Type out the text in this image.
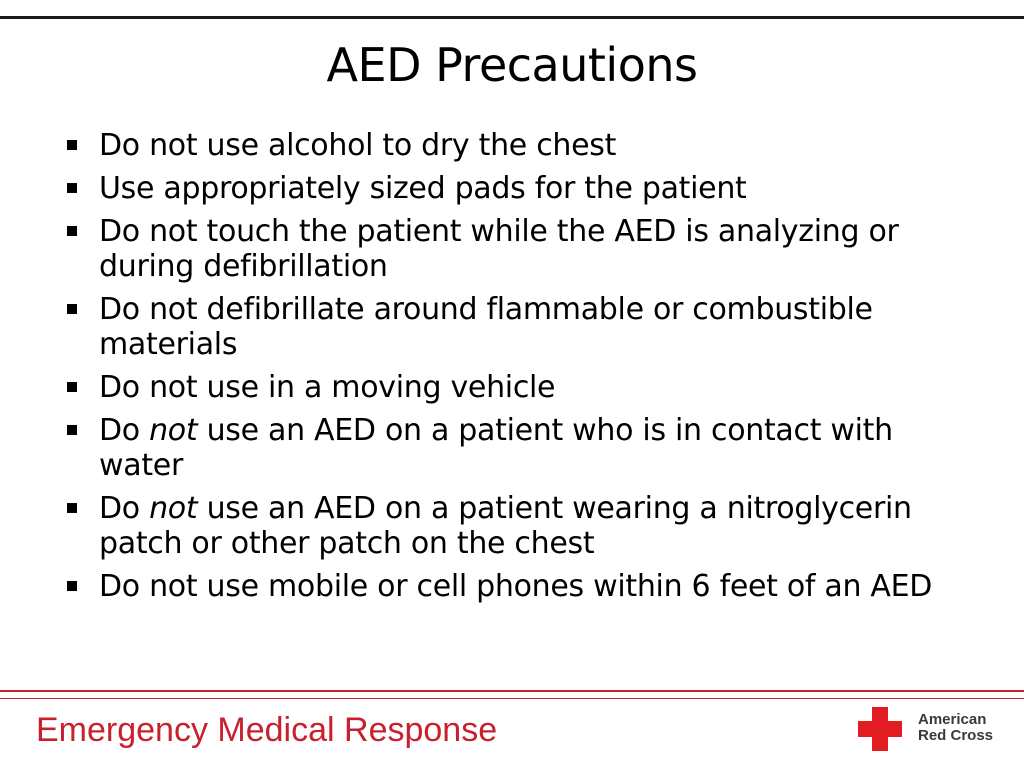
AED Precautions
Do not use alcohol to dry the chest
Use appropriately sized pads for the patient
Do not touch the patient while the AED is analyzing or during defibrillation
Do not defibrillate around flammable or combustible materials
Do not use in a moving vehicle
Do not use an AED on a patient who is in contact with water
Do not use an AED on a patient wearing a nitroglycerin patch or other patch on the chest
Do not use mobile or cell phones within 6 feet of an AED
Emergency Medical Response	American
Red Cross
